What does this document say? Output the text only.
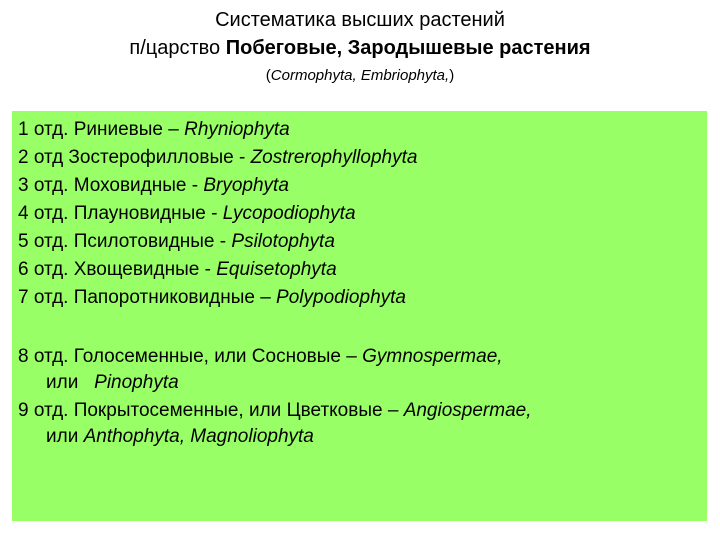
Систематика высших растений
п/царство Побеговые, Зародышевые растения
(Cormophyta, Embriophyta,)
1 отд. Риниевые – Rhyniophyta
2 отд Зостерофилловые - Zostrerophyllophyta
3 отд. Моховидные - Bryophyta
4 отд. Плауновидные - Lycopodiophyta
5 отд. Псилотовидные - Psilotophyta
6 отд. Хвощевидные - Equisetophyta
7 отд. Папоротниковидные – Polypodiophyta
8 отд. Голосеменные, или Сосновые – Gymnospermae,
или   Pinophyta
9 отд. Покрытосеменные, или Цветковые – Angiospermae,
или Anthophyta, Magnoliophyta
